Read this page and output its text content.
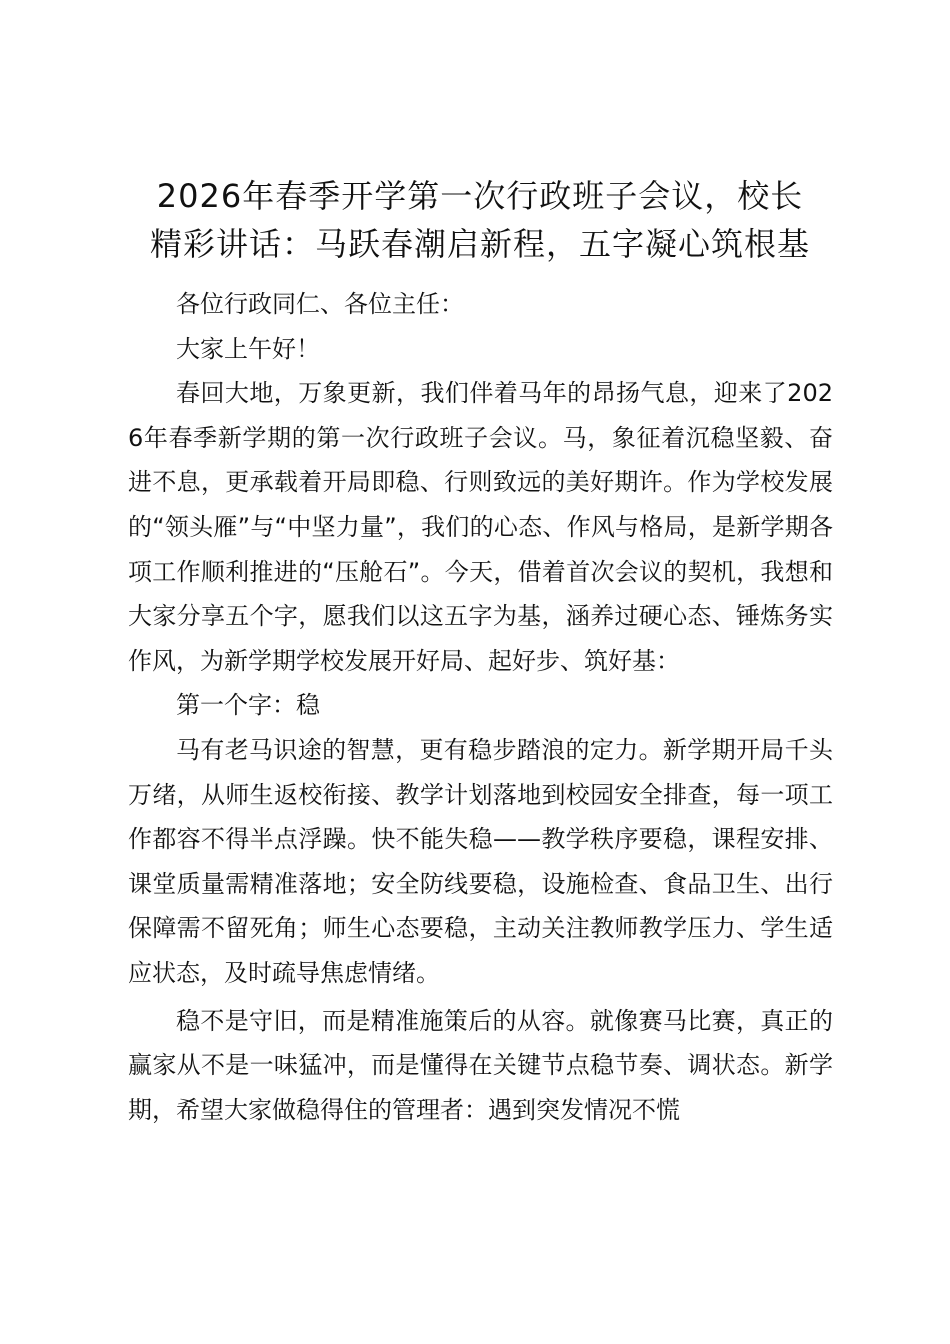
2026年春季开学第一次行政班子会议，校长
精彩讲话：马跃春潮启新程，五字凝心筑根基

各位行政同仁、各位主任：

大家上午好！

春回大地，万象更新，我们伴着马年的昂扬气息，迎来了2026年春季新学期的第一次行政班子会议。马，象征着沉稳坚毅、奋进不息，更承载着开局即稳、行则致远的美好期许。作为学校发展的“领头雁”与“中坚力量”，我们的心态、作风与格局，是新学期各项工作顺利推进的“压舱石”。今天，借着首次会议的契机，我想和大家分享五个字，愿我们以这五字为基，涵养过硬心态、锤炼务实作风，为新学期学校发展开好局、起好步、筑好基：

第一个字：稳

马有老马识途的智慧，更有稳步踏浪的定力。新学期开局千头万绪，从师生返校衔接、教学计划落地到校园安全排查，每一项工作都容不得半点浮躁。快不能失稳——教学秩序要稳，课程安排、课堂质量需精准落地；安全防线要稳，设施检查、食品卫生、出行保障需不留死角；师生心态要稳，主动关注教师教学压力、学生适应状态，及时疏导焦虑情绪。

稳不是守旧，而是精准施策后的从容。就像赛马比赛，真正的赢家从不是一味猛冲，而是懂得在关键节点稳节奏、调状态。新学期，希望大家做稳得住的管理者：遇到突发情况不慌
